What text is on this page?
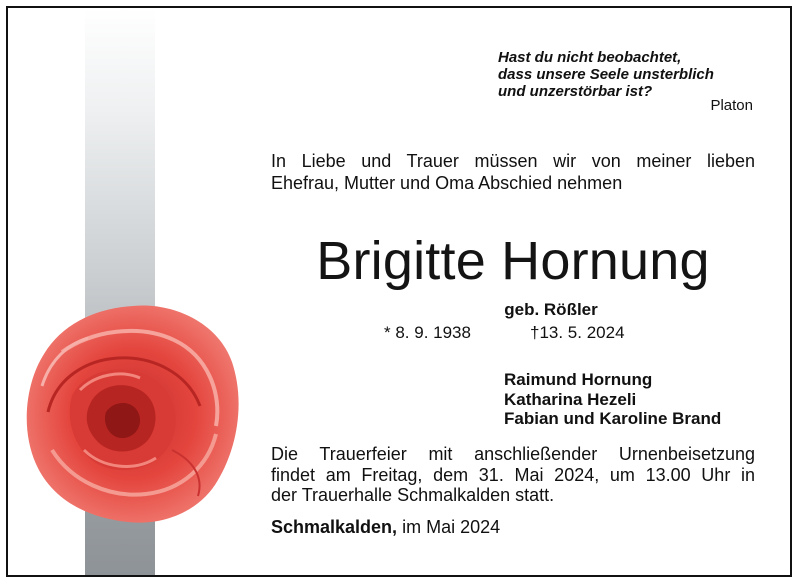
Hast du nicht beobachtet,
dass unsere Seele unsterblich
und unzerstörbar ist?
Platon
In Liebe und Trauer müssen wir von meiner lieben
Ehefrau, Mutter und Oma Abschied nehmen
Brigitte Hornung
geb. Rößler
* 8. 9. 1938	†13. 5. 2024
Raimund Hornung
Katharina Hezeli
Fabian und Karoline Brand
Die Trauerfeier mit anschließender Urnenbeisetzung
findet am Freitag, dem 31. Mai 2024, um 13.00 Uhr in
der Trauerhalle Schmalkalden statt.
Schmalkalden, im Mai 2024
